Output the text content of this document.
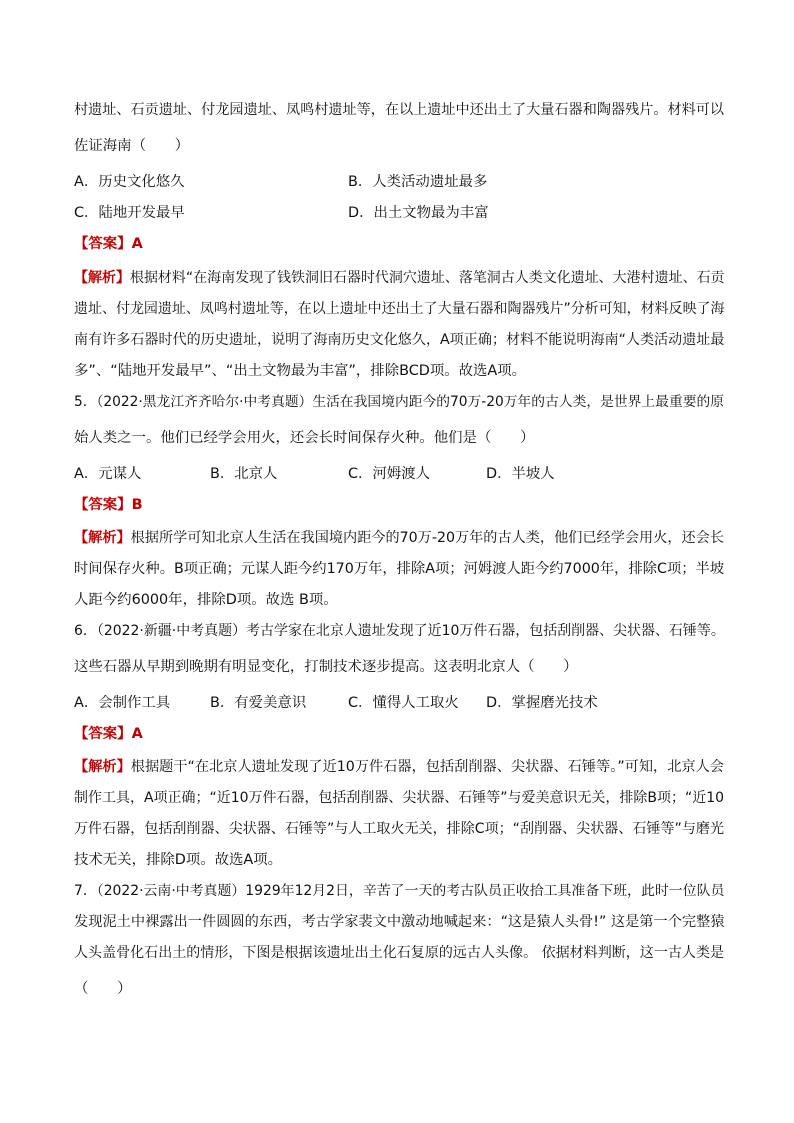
村遗址、石贡遗址、付龙园遗址、凤鸣村遗址等，在以上遗址中还出土了大量石器和陶器残片。材料可以
佐证海南（　　）
A．历史文化悠久	B．人类活动遗址最多
C．陆地开发最早	D．出土文物最为丰富
【答案】A
【解析】根据材料“在海南发现了钱铁洞旧石器时代洞穴遗址、落笔洞古人类文化遗址、大港村遗址、石贡
遗址、付龙园遗址、凤鸣村遗址等，在以上遗址中还出土了大量石器和陶器残片”分析可知，材料反映了海
南有许多石器时代的历史遗址，说明了海南历史文化悠久，A项正确；材料不能说明海南“人类活动遗址最
多”、“陆地开发最早”、“出土文物最为丰富”，排除BCD项。故选A项。
5．（2022·黑龙江齐齐哈尔·中考真题）生活在我国境内距今的70万-20万年的古人类，是世界上最重要的原
始人类之一。他们已经学会用火，还会长时间保存火种。他们是（　　）
A．元谋人	B．北京人	C．河姆渡人	D．半坡人
【答案】B
【解析】根据所学可知北京人生活在我国境内距今的70万-20万年的古人类，他们已经学会用火，还会长
时间保存火种。B项正确；元谋人距今约170万年，排除A项；河姆渡人距今约7000年，排除C项；半坡
人距今约6000年，排除D项。故选 B项。
6．（2022·新疆·中考真题）考古学家在北京人遗址发现了近10万件石器，包括刮削器、尖状器、石锤等。
这些石器从早期到晚期有明显变化，打制技术逐步提高。这表明北京人（　　）
A．会制作工具	B．有爱美意识	C．懂得人工取火 D．掌握磨光技术
【答案】A
【解析】根据题干“在北京人遗址发现了近10万件石器，包括刮削器、尖状器、石锤等。”可知，北京人会
制作工具，A项正确；“近10万件石器，包括刮削器、尖状器、石锤等”与爱美意识无关，排除B项；“近10
万件石器，包括刮削器、尖状器、石锤等”与人工取火无关，排除C项；“刮削器、尖状器、石锤等”与磨光
技术无关，排除D项。故选A项。
7．（2022·云南·中考真题）1929年12月2日，辛苦了一天的考古队员正收拾工具准备下班，此时一位队员
发现泥土中裸露出一件圆圆的东西，考古学家裴文中激动地喊起来：“这是猿人头骨!” 这是第一个完整猿
人头盖骨化石出土的情形，下图是根据该遗址出土化石复原的远古人头像。 依据材料判断，这一古人类是
（　　）
